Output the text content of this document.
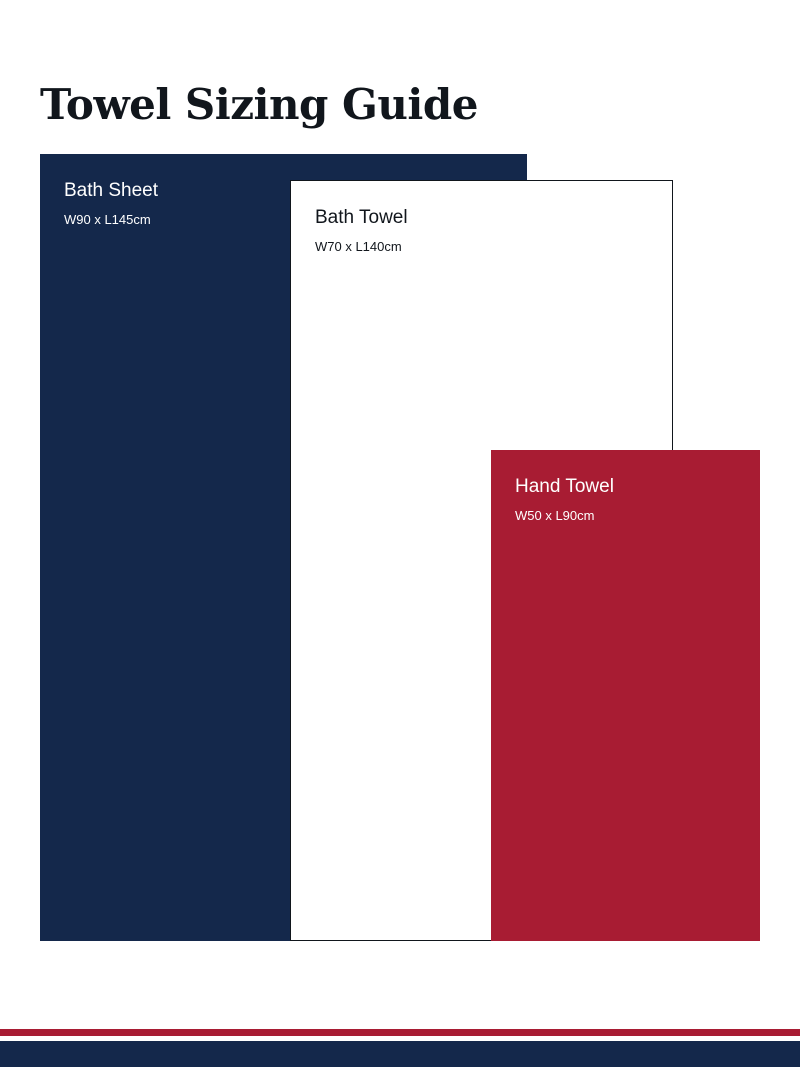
Towel Sizing Guide

Bath Sheet

W90 x L145cm	Bath Towel

W70 x L140cm

Hand Towel

W50 x L90cm
